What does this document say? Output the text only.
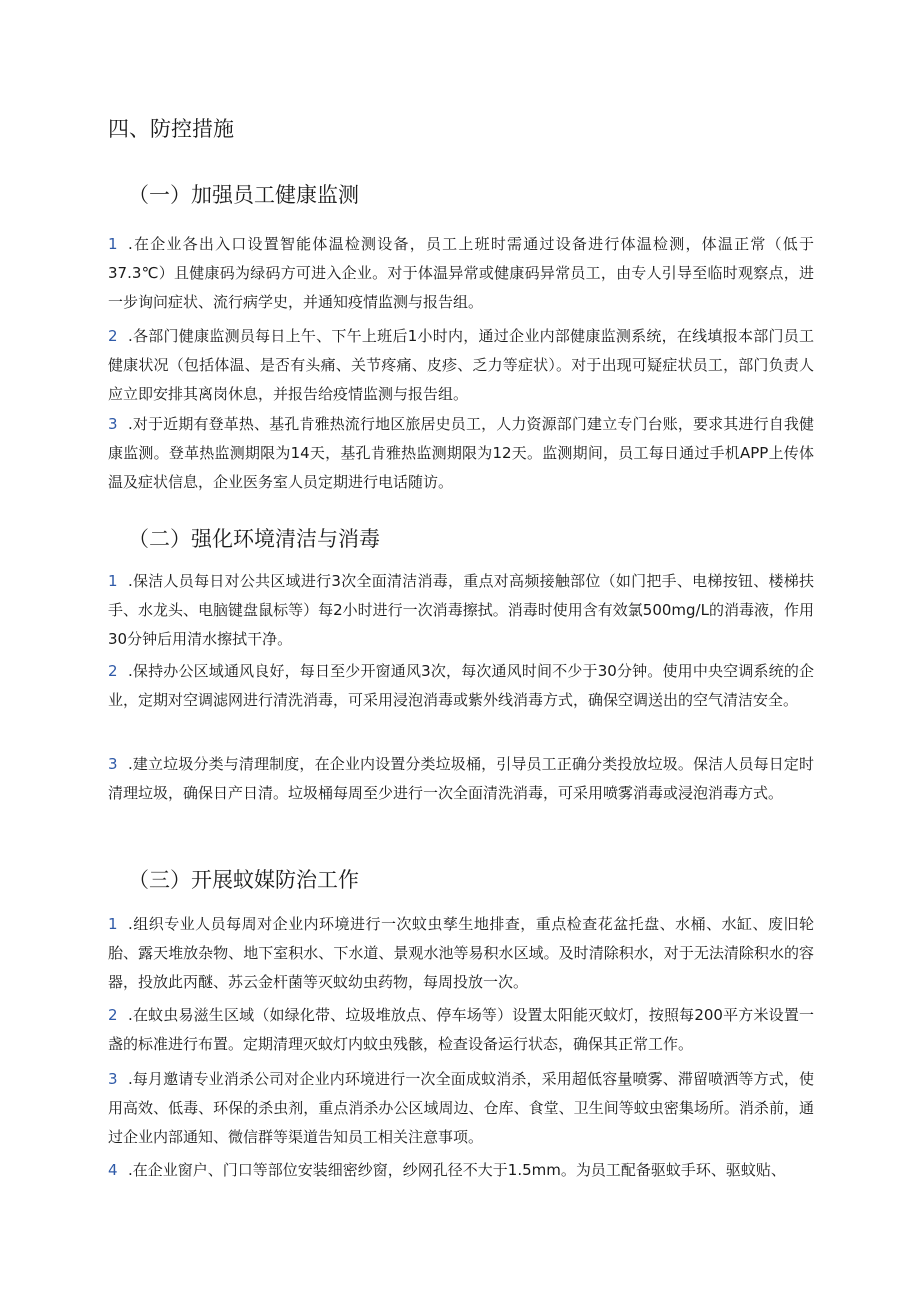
四、防控措施
（一）加强员工健康监测

1 .在企业各出入口设置智能体温检测设备，员工上班时需通过设备进行体温检测，体温正常（低于37.3℃）且健康码为绿码方可进入企业。对于体温异常或健康码异常员工，由专人引导至临时观察点，进一步询问症状、流行病学史，并通知疫情监测与报告组。

2 .各部门健康监测员每日上午、下午上班后1小时内，通过企业内部健康监测系统，在线填报本部门员工健康状况（包括体温、是否有头痛、关节疼痛、皮疹、乏力等症状）。对于出现可疑症状员工，部门负责人应立即安排其离岗休息，并报告给疫情监测与报告组。

3 .对于近期有登革热、基孔肯雅热流行地区旅居史员工，人力资源部门建立专门台账，要求其进行自我健康监测。登革热监测期限为14天，基孔肯雅热监测期限为12天。监测期间，员工每日通过手机APP上传体温及症状信息，企业医务室人员定期进行电话随访。

（二）强化环境清洁与消毒

1 .保洁人员每日对公共区域进行3次全面清洁消毒，重点对高频接触部位（如门把手、电梯按钮、楼梯扶手、水龙头、电脑键盘鼠标等）每2小时进行一次消毒擦拭。消毒时使用含有效氯500mg/L的消毒液，作用30分钟后用清水擦拭干净。

2 .保持办公区域通风良好，每日至少开窗通风3次，每次通风时间不少于30分钟。使用中央空调系统的企业，定期对空调滤网进行清洗消毒，可采用浸泡消毒或紫外线消毒方式，确保空调送出的空气清洁安全。

3 .建立垃圾分类与清理制度，在企业内设置分类垃圾桶，引导员工正确分类投放垃圾。保洁人员每日定时清理垃圾，确保日产日清。垃圾桶每周至少进行一次全面清洗消毒，可采用喷雾消毒或浸泡消毒方式。

（三）开展蚊媒防治工作

1 .组织专业人员每周对企业内环境进行一次蚊虫孳生地排查，重点检查花盆托盘、水桶、水缸、废旧轮胎、露天堆放杂物、地下室积水、下水道、景观水池等易积水区域。及时清除积水，对于无法清除积水的容器，投放此丙醚、苏云金杆菌等灭蚊幼虫药物，每周投放一次。

2 .在蚊虫易滋生区域（如绿化带、垃圾堆放点、停车场等）设置太阳能灭蚊灯，按照每200平方米设置一盏的标准进行布置。定期清理灭蚊灯内蚊虫残骸，检查设备运行状态，确保其正常工作。

3 .每月邀请专业消杀公司对企业内环境进行一次全面成蚊消杀，采用超低容量喷雾、滞留喷洒等方式，使用高效、低毒、环保的杀虫剂，重点消杀办公区域周边、仓库、食堂、卫生间等蚊虫密集场所。消杀前，通过企业内部通知、微信群等渠道告知员工相关注意事项。

4 .在企业窗户、门口等部位安装细密纱窗，纱网孔径不大于1.5mm。为员工配备驱蚊手环、驱蚊贴、
